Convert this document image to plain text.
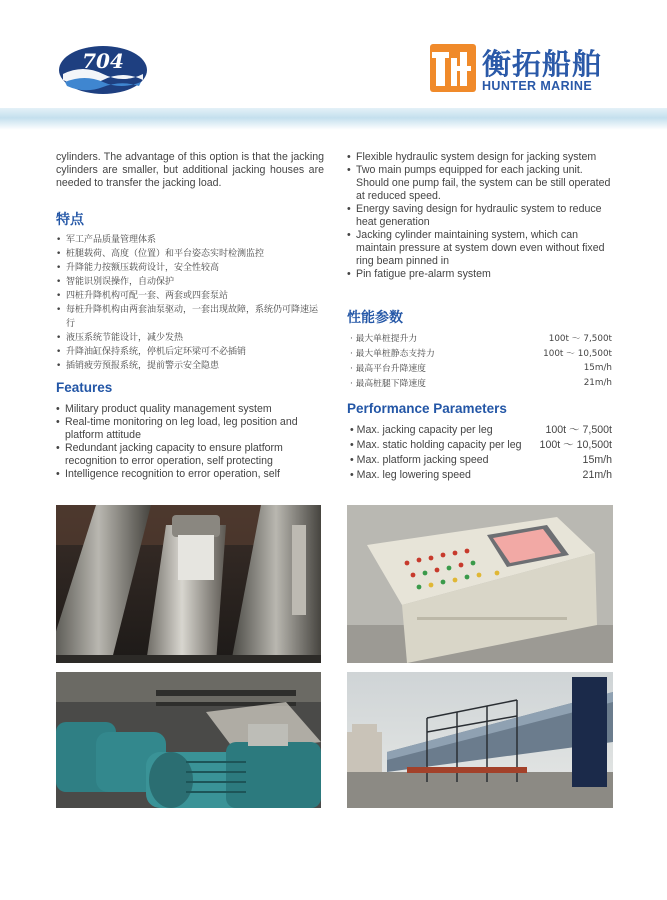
704	衡拓船舶
HUNTER MARINE
cylinders. The advantage of this option is that the jacking cylinders are smaller, but additional jacking houses are needed to transfer the jacking load.
特点
• 军工产品质量管理体系
• 桩腿载荷、高度（位置）和平台姿态实时检测监控
• 升降能力按额压载荷设计，安全性较高
• 智能识别误操作，自动保护
• 四桩升降机构可配一套、两套或四套泵站
• 每桩升降机构由两套油泵驱动，一套出现故障，系统仍可降速运行
• 液压系统节能设计，减少发热
• 升降油缸保持系统，停机后定环梁可不必插销
• 插销疲劳预报系统，提前警示安全隐患
Features
• Military product quality management system
• Real-time monitoring on leg load, leg position and platform attitude
• Redundant jacking capacity to ensure platform recognition to error operation, self protecting
• Intelligence recognition to error operation, self
• Flexible hydraulic system design for jacking system
• Two main pumps equipped for each jacking unit. Should one pump fail, the system can be still operated at reduced speed.
• Energy saving design for hydraulic system to reduce heat generation
• Jacking cylinder maintaining system, which can maintain pressure at system down even without fixed ring beam pinned in
• Pin fatigue pre-alarm system
性能参数
· 最大单桩提升力	100t ～ 7,500t
· 最大单桩静态支持力	100t ～ 10,500t
· 最高平台升降速度	15m/h
· 最高桩腿下降速度	21m/h
Performance Parameters
• Max. jacking capacity per leg	100t ～ 7,500t
• Max. static holding capacity per leg	100t ～ 10,500t
• Max. platform jacking speed	15m/h
• Max. leg lowering speed	21m/h
